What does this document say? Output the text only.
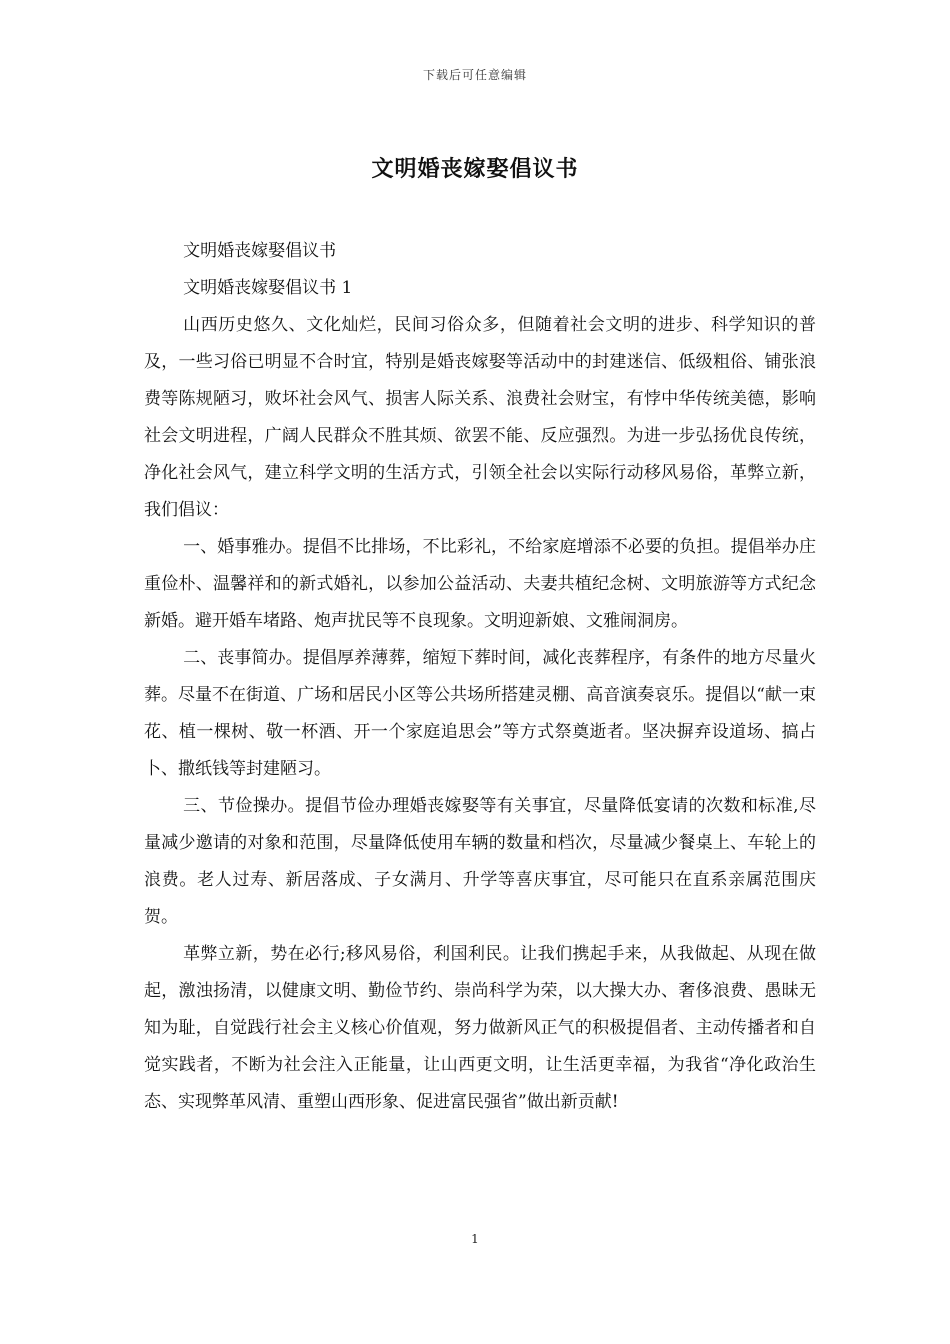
下载后可任意编辑
文明婚丧嫁娶倡议书

文明婚丧嫁娶倡议书

文明婚丧嫁娶倡议书 1

山西历史悠久、文化灿烂，民间习俗众多，但随着社会文明的进步、科学知识的普及，一些习俗已明显不合时宜，特别是婚丧嫁娶等活动中的封建迷信、低级粗俗、铺张浪费等陈规陋习，败坏社会风气、损害人际关系、浪费社会财宝，有悖中华传统美德，影响社会文明进程，广阔人民群众不胜其烦、欲罢不能、反应强烈。为进一步弘扬优良传统，净化社会风气，建立科学文明的生活方式，引领全社会以实际行动移风易俗，革弊立新，我们倡议：

一、婚事雅办。提倡不比排场，不比彩礼，不给家庭增添不必要的负担。提倡举办庄重俭朴、温馨祥和的新式婚礼，以参加公益活动、夫妻共植纪念树、文明旅游等方式纪念新婚。避开婚车堵路、炮声扰民等不良现象。文明迎新娘、文雅闹洞房。

二、丧事简办。提倡厚养薄葬，缩短下葬时间，减化丧葬程序，有条件的地方尽量火葬。尽量不在街道、广场和居民小区等公共场所搭建灵棚、高音演奏哀乐。提倡以“献一束花、植一棵树、敬一杯酒、开一个家庭追思会”等方式祭奠逝者。坚决摒弃设道场、搞占卜、撒纸钱等封建陋习。

三、节俭操办。提倡节俭办理婚丧嫁娶等有关事宜，尽量降低宴请的次数和标准,尽量减少邀请的对象和范围，尽量降低使用车辆的数量和档次，尽量减少餐桌上、车轮上的浪费。老人过寿、新居落成、子女满月、升学等喜庆事宜，尽可能只在直系亲属范围庆贺。

革弊立新，势在必行;移风易俗，利国利民。让我们携起手来，从我做起、从现在做起，激浊扬清，以健康文明、勤俭节约、崇尚科学为荣，以大操大办、奢侈浪费、愚昧无知为耻，自觉践行社会主义核心价值观，努力做新风正气的积极提倡者、主动传播者和自觉实践者，不断为社会注入正能量，让山西更文明，让生活更幸福，为我省“净化政治生态、实现弊革风清、重塑山西形象、促进富民强省”做出新贡献!

1
